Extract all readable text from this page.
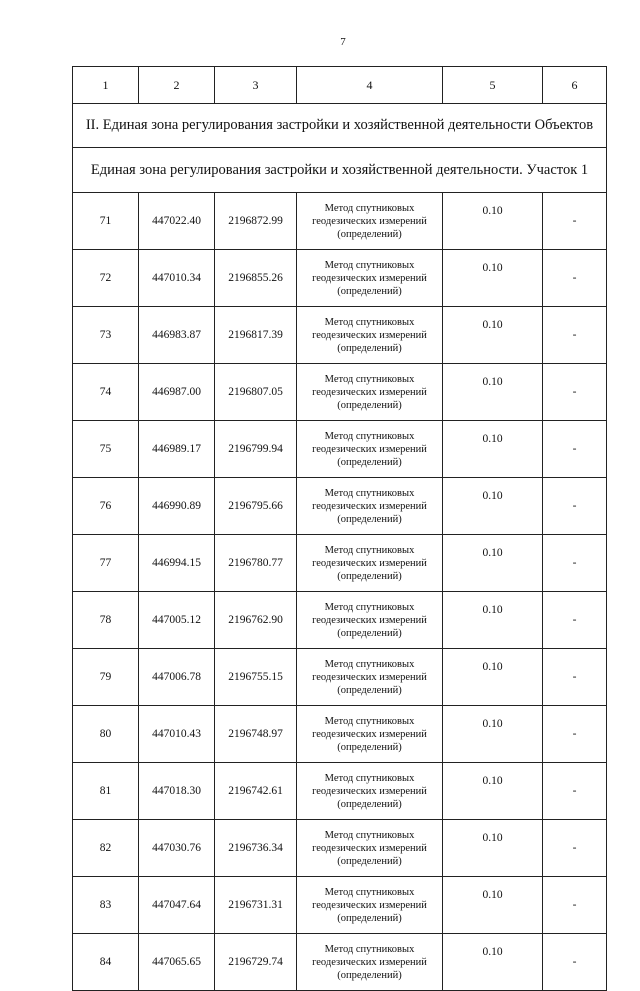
7
1	2	3	4	5	6
II. Единая зона регулирования застройки и хозяйственной деятельности Объектов					
Единая зона регулирования застройки и хозяйственной деятельности. Участок 1					
71	447022.40	2196872.99	Метод спутниковых геодезических измерений (определений)	0.10	-
72	447010.34	2196855.26	Метод спутниковых геодезических измерений (определений)	0.10	-
73	446983.87	2196817.39	Метод спутниковых геодезических измерений (определений)	0.10	-
74	446987.00	2196807.05	Метод спутниковых геодезических измерений (определений)	0.10	-
75	446989.17	2196799.94	Метод спутниковых геодезических измерений (определений)	0.10	-
76	446990.89	2196795.66	Метод спутниковых геодезических измерений (определений)	0.10	-
77	446994.15	2196780.77	Метод спутниковых геодезических измерений (определений)	0.10	-
78	447005.12	2196762.90	Метод спутниковых геодезических измерений (определений)	0.10	-
79	447006.78	2196755.15	Метод спутниковых геодезических измерений (определений)	0.10	-
80	447010.43	2196748.97	Метод спутниковых геодезических измерений (определений)	0.10	-
81	447018.30	2196742.61	Метод спутниковых геодезических измерений (определений)	0.10	-
82	447030.76	2196736.34	Метод спутниковых геодезических измерений (определений)	0.10	-
83	447047.64	2196731.31	Метод спутниковых геодезических измерений (определений)	0.10	-
84	447065.65	2196729.74	Метод спутниковых геодезических измерений (определений)	0.10	-
